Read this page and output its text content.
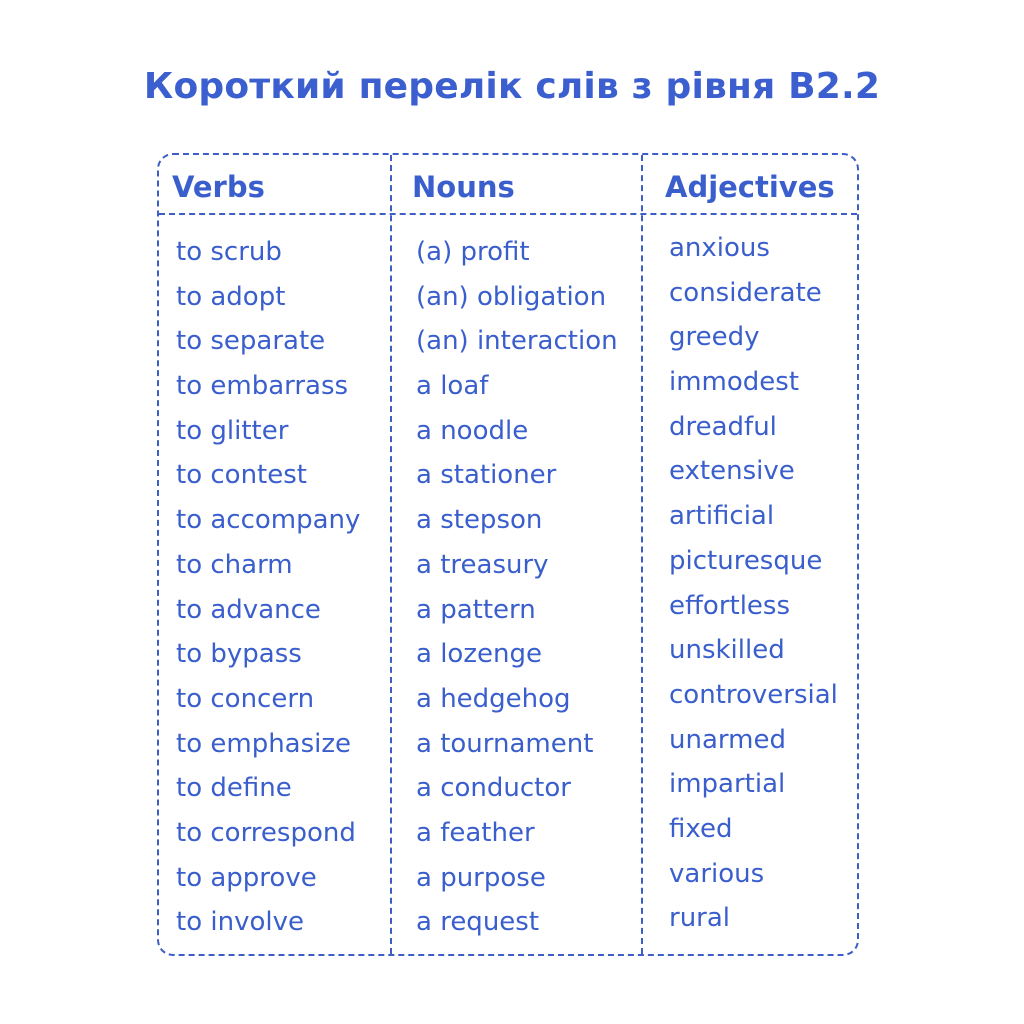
Короткий перелік слів з рівня B2.2
Verbs
to scrub
to adopt
to separate
to embarrass
to glitter
to contest
to accompany
to charm
to advance
to bypass
to concern
to emphasize
to define
to correspond
to approve
to involve
Nouns
(a) profit
(an) obligation
(an) interaction
a loaf
a noodle
a stationer
a stepson
a treasury
a pattern
a lozenge
a hedgehog
a tournament
a conductor
a feather
a purpose
a request
Adjectives
anxious
considerate
greedy
immodest
dreadful
extensive
artificial
picturesque
effortless
unskilled
controversial
unarmed
impartial
fixed
various
rural
